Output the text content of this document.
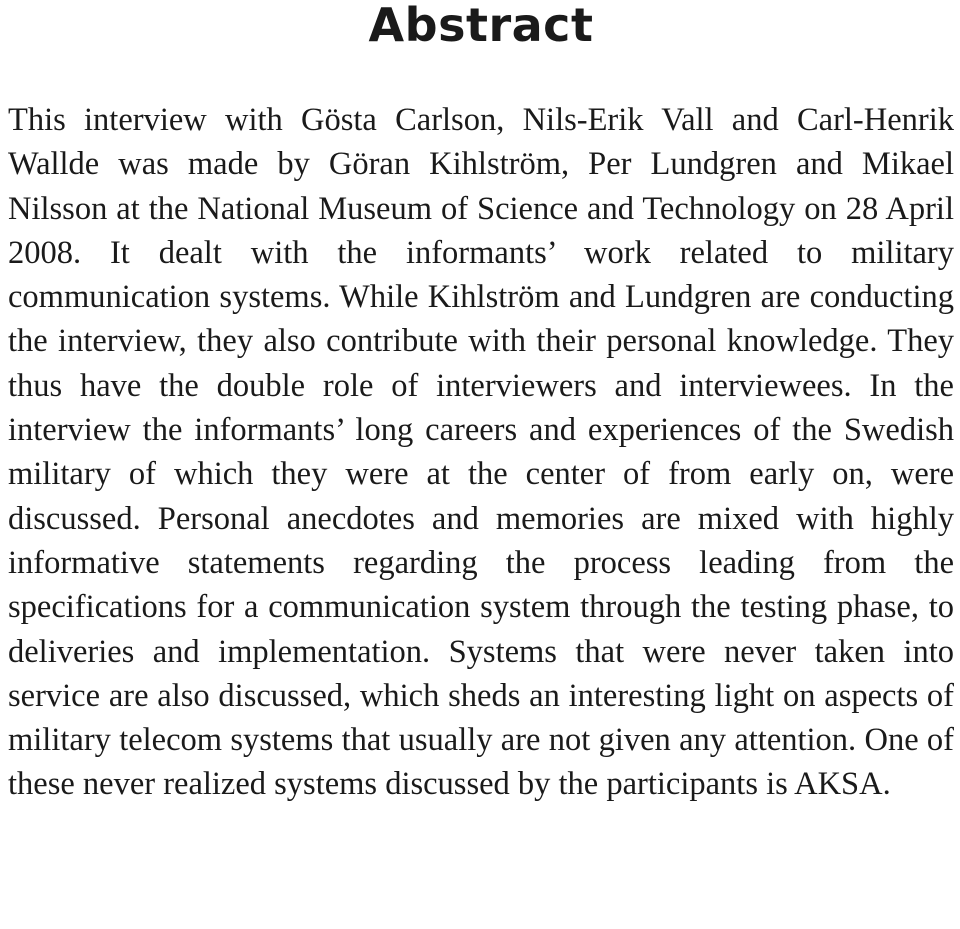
Abstract

This interview with Gösta Carlson, Nils-Erik Vall and Carl-Henrik Wallde was made by Göran Kihlström, Per Lundgren and Mikael Nilsson at the National Museum of Science and Technology on 28 April 2008. It dealt with the informants’ work related to military communication systems. While Kihlström and Lundgren are conducting the interview, they also contribute with their personal knowledge. They thus have the double role of interviewers and interviewees. In the interview the informants’ long careers and experiences of the Swedish military of which they were at the center of from early on, were discussed. Personal anecdotes and memories are mixed with highly informative statements regarding the process leading from the specifications for a communication system through the testing phase, to deliveries and implementation. Systems that were never taken into service are also discussed, which sheds an interesting light on aspects of military telecom systems that usually are not given any attention. One of these never realized systems discussed by the participants is AKSA.
